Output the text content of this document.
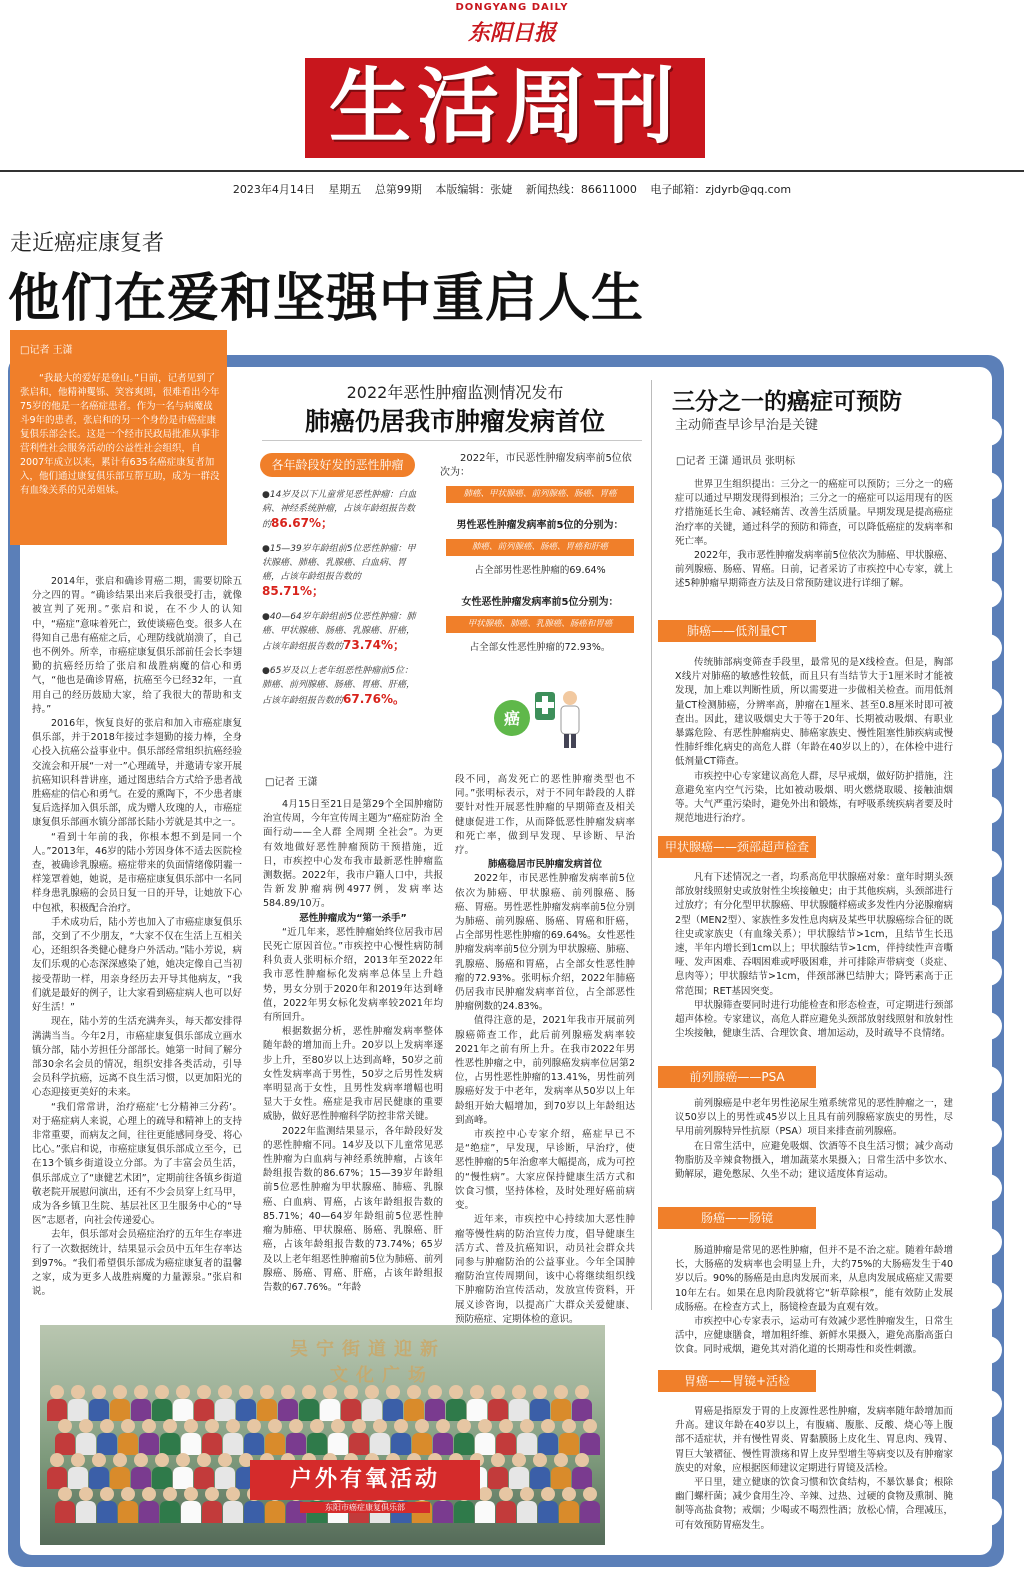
DONGYANG DAILY
东阳日报
生活周刊
2023年4月14日 星期五 总第99期 本版编辑：张婕 新闻热线：86611000 电子邮箱：zjdyrb@qq.com
走近癌症康复者
他们在爱和坚强中重启人生
□记者 王潇
“我最大的爱好是登山。”日前，记者见到了张启和，他精神矍铄、笑容爽朗，很难看出今年75岁的他是一名癌症患者。作为一名与病魔战斗9年的患者，张启和的另一个身份是市癌症康复俱乐部会长。这是一个经市民政局批准从事非营利性社会服务活动的公益性社会组织，自2007年成立以来，累计有635名癌症康复者加入，他们通过康复俱乐部互帮互助，成为一群没有血缘关系的兄弟姐妹。

2014年，张启和确诊胃癌二期，需要切除五分之四的胃。“确诊结果出来后我很受打击，就像被宣判了死刑。”张启和说，在不少人的认知中，“癌症”意味着死亡，致使谈癌色变。很多人在得知自己患有癌症之后，心理防线就崩溃了，自己也不例外。所幸，市癌症康复俱乐部前任会长李翅勤的抗癌经历给了张启和战胜病魔的信心和勇气，“他也是确诊胃癌，抗癌至今已经32年，一直用自己的经历鼓励大家，给了我很大的帮助和支持。”

2016年，恢复良好的张启和加入市癌症康复俱乐部，并于2018年接过李翅勤的接力棒，全身心投入抗癌公益事业中。俱乐部经常组织抗癌经验交流会和开展“一对一”心理疏导，并邀请专家开展抗癌知识科普讲座，通过图患结合方式给予患者战胜癌症的信心和勇气。在爱的熏陶下，不少患者康复后选择加入俱乐部，成为赠人玫瑰的人，市癌症康复俱乐部画水镇分部部长陆小芳就是其中之一。

“看到十年前的我，你根本想不到是同一个人。”2013年，46岁的陆小芳因身体不适去医院检查，被确诊乳腺癌。癌症带来的负面情绪像阴霾一样笼罩着她，她说，是市癌症康复俱乐部中一名同样身患乳腺癌的会员日复一日的开导，让她放下心中包袱，积极配合治疗。

手术成功后，陆小芳也加入了市癌症康复俱乐部，交到了不少朋友，“大家不仅在生活上互相关心，还组织各类健心健身户外活动。”陆小芳说，病友们乐观的心态深深感染了她，她决定像自己当初接受帮助一样，用亲身经历去开导其他病友，“我们就是最好的例子，让大家看到癌症病人也可以好好生活！”

现在，陆小芳的生活充满奔头，每天都安排得满满当当。今年2月，市癌症康复俱乐部成立画水镇分部，陆小芳担任分部部长。她第一时间了解分部30余名会员的情况，组织安排各类活动，引导会员科学抗癌，远离不良生活习惯，以更加阳光的心态迎接更美好的未来。

“我们常常讲，治疗癌症‘七分精神三分药’。对于癌症病人来说，心理上的疏导和精神上的支持非常重要，而病友之间，往往更能感同身受、将心比心。”张启和说，市癌症康复俱乐部成立至今，已在13个镇乡街道设立分部。为了丰富会员生活，俱乐部成立了“康健艺术团”，定期前往各镇乡街道敬老院开展慰问演出，还有不少会员穿上红马甲，成为各乡镇卫生院、基层社区卫生服务中心的“导医”志愿者，向社会传递爱心。

去年，俱乐部对会员癌症治疗的五年生存率进行了一次数据统计，结果显示会员中五年生存率达到97%。“我们希望俱乐部成为癌症康复者的温馨之家，成为更多人战胜病魔的力量源泉。”张启和说。

2022年恶性肿瘤监测情况发布
肺癌仍居我市肿瘤发病首位
各年龄段好发的恶性肿瘤
●14岁及以下儿童常见恶性肿瘤：白血病、神经系统肿瘤，占该年龄组报告数的86.67%；
●15—39岁年龄组前5位恶性肿瘤：甲状腺癌、肺癌、乳腺癌、白血病、胃癌，占该年龄组报告数的85.71%；
●40—64岁年龄组前5位恶性肿瘤：肺癌、甲状腺癌、肠癌、乳腺癌、肝癌，占该年龄组报告数的73.74%；
●65岁及以上老年组恶性肿瘤前5位：肺癌、前列腺癌、肠癌、胃癌、肝癌，占该年龄组报告数的67.76%。
2022年，市民恶性肿瘤发病率前5位依次为：
肺癌、甲状腺癌、前列腺癌、肠癌、胃癌
男性恶性肿瘤发病率前5位的分别为：
肺癌、前列腺癌、肠癌、胃癌和肝癌
占全部男性恶性肿瘤的69.64%
女性恶性肿瘤发病率前5位分别为：
甲状腺癌、肺癌、乳腺癌、肠癌和胃癌
占全部女性恶性肿瘤的72.93%。
癌
□记者 王潇

4月15日至21日是第29个全国肿瘤防治宣传周，今年宣传周主题为“癌症防治 全面行动——全人群 全周期 全社会”。为更有效地做好恶性肿瘤预防干预措施，近日，市疾控中心发布我市最新恶性肿瘤监测数据。2022年，我市户籍人口中，共报告新发肿瘤病例4977例，发病率达584.89/10万。

恶性肿瘤成为“第一杀手”

“近几年来，恶性肿瘤始终位居我市居民死亡原因首位。”市疾控中心慢性病防制科负责人张明标介绍，2013年至2022年我市恶性肿瘤标化发病率总体呈上升趋势，男女分别于2020年和2019年达到峰值，2022年男女标化发病率较2021年均有所回升。

根据数据分析，恶性肿瘤发病率整体随年龄的增加而上升。20岁以上发病率逐步上升，至80岁以上达到高峰，50岁之前女性发病率高于男性，50岁之后男性发病率明显高于女性，且男性发病率增幅也明显大于女性。癌症是我市居民健康的重要威胁，做好恶性肿瘤科学防控非常关键。

2022年监测结果显示，各年龄段好发的恶性肿瘤不同。14岁及以下儿童常见恶性肿瘤为白血病与神经系统肿瘤，占该年龄组报告数的86.67%；15—39岁年龄组前5位恶性肿瘤为甲状腺癌、肺癌、乳腺癌、白血病、胃癌，占该年龄组报告数的85.71%；40—64岁年龄组前5位恶性肿瘤为肺癌、甲状腺癌、肠癌、乳腺癌、肝癌，占该年龄组报告数的73.74%；65岁及以上老年组恶性肿瘤前5位为肺癌、前列腺癌、肠癌、胃癌、肝癌，占该年龄组报告数的67.76%。“年龄

段不同，高发死亡的恶性肿瘤类型也不同。”张明标表示，对于不同年龄段的人群要针对性开展恶性肿瘤的早期筛查及相关健康促进工作，从而降低恶性肿瘤发病率和死亡率，做到早发现、早诊断、早治疗。

肺癌稳居市民肿瘤发病首位

2022年，市民恶性肿瘤发病率前5位依次为肺癌、甲状腺癌、前列腺癌、肠癌、胃癌。男性恶性肿瘤发病率前5位分别为肺癌、前列腺癌、肠癌、胃癌和肝癌，占全部男性恶性肿瘤的69.64%。女性恶性肿瘤发病率前5位分别为甲状腺癌、肺癌、乳腺癌、肠癌和胃癌，占全部女性恶性肿瘤的72.93%。张明标介绍，2022年肺癌仍居我市民肿瘤发病率首位，占全部恶性肿瘤例数的24.83%。

值得注意的是，2021年我市开展前列腺癌筛查工作，此后前列腺癌发病率较2021年之前有所上升。在我市2022年男性恶性肿瘤之中，前列腺癌发病率位居第2位，占男性恶性肿瘤的13.41%，男性前列腺癌好发于中老年，发病率从50岁以上年龄组开始大幅增加，到70岁以上年龄组达到高峰。

市疾控中心专家介绍，癌症早已不是“绝症”，早发现，早诊断，早治疗，使恶性肿瘤的5年治愈率大幅提高，成为可控的“慢性病”。大家应保持健康生活方式和饮食习惯，坚持体检，及时处理好癌前病变。

近年来，市疾控中心持续加大恶性肿瘤等慢性病的防治宣传力度，倡导健康生活方式、普及抗癌知识，动员社会群众共同参与肿瘤防治的公益事业。今年全国肿瘤防治宣传周期间，该中心将继续组织线下肿瘤防治宣传活动，发放宣传资料，开展义诊咨询，以提高广大群众关爱健康、预防癌症、定期体检的意识。

三分之一的癌症可预防
主动筛查早诊早治是关键
□记者 王潇 通讯员 张明标

世界卫生组织提出：三分之一的癌症可以预防；三分之一的癌症可以通过早期发现得到根治；三分之一的癌症可以运用现有的医疗措施延长生命、减轻痛苦、改善生活质量。早期发现是提高癌症治疗率的关键，通过科学的预防和筛查，可以降低癌症的发病率和死亡率。

2022年，我市恶性肿瘤发病率前5位依次为肺癌、甲状腺癌、前列腺癌、肠癌、胃癌。日前，记者采访了市疾控中心专家，就上述5种肿瘤早期筛查方法及日常预防建议进行详细了解。

肺癌——低剂量CT

传统肺部病变筛查手段里，最常见的是X线检查。但是，胸部X线片对肺癌的敏感性较低，而且只有当结节大于1厘米时才能被发现，加上难以判断性质，所以需要进一步做相关检查。而用低剂量CT检测肺癌，分辨率高，肿瘤在1厘米、甚至0.8厘米时即可被查出。因此，建议吸烟史大于等于20年、长期被动吸烟、有职业暴露危险、有恶性肿瘤病史、肺癌家族史、慢性阻塞性肺疾病或慢性肺纤维化病史的高危人群（年龄在40岁以上的），在体检中进行低剂量CT筛查。

市疾控中心专家建议高危人群，尽早戒烟，做好防护措施，注意避免室内空气污染，比如被动吸烟、明火燃烧取暖、接触油烟等。大气严重污染时，避免外出和锻炼，有呼吸系统疾病者要及时规范地进行治疗。

甲状腺癌——颈部超声检查

凡有下述情况之一者，均系高危甲状腺癌对象：童年时期头颈部放射线照射史或放射性尘埃接触史；由于其他疾病，头颈部进行过放疗；有分化型甲状腺癌、甲状腺髓样癌或多发性内分泌腺瘤病2型（MEN2型）、家族性多发性息肉病及某些甲状腺癌综合征的既往史或家族史（有血缘关系）；甲状腺结节>1cm，且结节生长迅速，半年内增长到1cm以上；甲状腺结节>1cm，伴持续性声音嘶哑、发声困难、吞咽困难或呼吸困难，并可排除声带病变（炎症、息肉等）；甲状腺结节>1cm，伴颈部淋巴结肿大；降钙素高于正常范围；RET基因突变。

甲状腺筛查要同时进行功能检查和形态检查，可定期进行颈部超声体检。专家建议，高危人群应避免头颈部放射线照射和放射性尘埃接触，健康生活、合理饮食、增加运动，及时疏导不良情绪。

前列腺癌——PSA

前列腺癌是中老年男性泌尿生殖系统常见的恶性肿瘤之一，建议50岁以上的男性或45岁以上且具有前列腺癌家族史的男性，尽早用前列腺特异性抗原（PSA）项目来排查前列腺癌。

在日常生活中，应避免吸烟、饮酒等不良生活习惯；减少高动物脂肪及辛辣食物摄入，增加蔬菜水果摄入；日常生活中多饮水、勤解尿，避免憋尿、久坐不动；建议适度体育运动。

肠癌——肠镜

肠道肿瘤是常见的恶性肿瘤，但并不是不治之症。随着年龄增长，大肠癌的发病率也会明显上升，大约75%的大肠癌发生于40岁以后。90%的肠癌是由息肉发展而来，从息肉发展成癌症又需要10年左右。如果在息肉阶段就将它“斩草除根”，能有效防止发展成肠癌。在检查方式上，肠镜检查最为直观有效。

市疾控中心专家表示，运动可有效减少恶性肿瘤发生，日常生活中，应健康膳食，增加粗纤维、新鲜水果摄入，避免高脂高蛋白饮食。同时戒烟，避免其对消化道的长期毒性和炎性刺激。

胃癌——胃镜+活检

胃癌是指原发于胃的上皮源性恶性肿瘤，发病率随年龄增加而升高。建议年龄在40岁以上，有腹痛、腹胀、反酸、烧心等上腹部不适症状，并有慢性胃炎、胃黏膜肠上皮化生、胃息肉、残胃、胃巨大皱褶征、慢性胃溃疡和胃上皮异型增生等病变以及有肿瘤家族史的对象，应根据医师建议定期进行胃镜及活检。

平日里，建立健康的饮食习惯和饮食结构，不暴饮暴食；根除幽门螺杆菌；减少食用生冷、辛辣、过热、过硬的食物及熏制、腌制等高盐食物；戒烟；少喝或不喝烈性酒；放松心情，合理减压，可有效预防胃癌发生。

吴宁街道迎新
文化广场
户外有氧活动
东阳市癌症康复俱乐部
